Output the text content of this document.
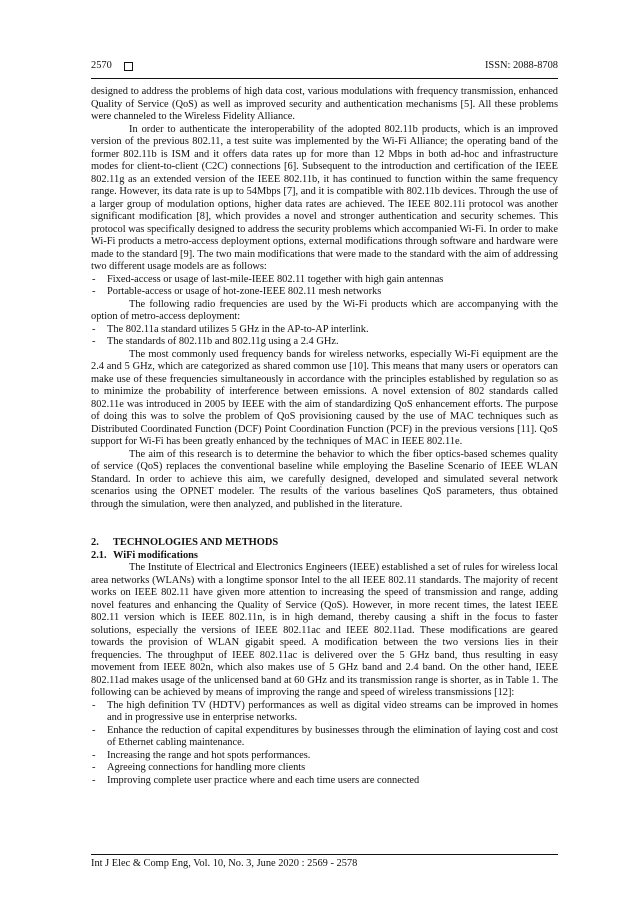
2570	ISSN: 2088-8708

designed to address the problems of high data cost, various modulations with frequency transmission, enhanced Quality of Service (QoS) as well as improved security and authentication mechanisms [5]. All these problems were channeled to the Wireless Fidelity Alliance.

In order to authenticate the interoperability of the adopted 802.11b products, which is an improved version of the previous 802.11, a test suite was implemented by the Wi-Fi Alliance; the operating band of the former 802.11b is ISM and it offers data rates up for more than 12 Mbps in both ad-hoc and infrastructure modes for client-to-client (C2C) connections [6]. Subsequent to the introduction and certification of the IEEE 802.11g as an extended version of the IEEE 802.11b, it has continued to function within the same frequency range. However, its data rate is up to 54Mbps [7], and it is compatible with 802.11b devices. Through the use of a larger group of modulation options, higher data rates are achieved. The IEEE 802.11i protocol was another significant modification [8], which provides a novel and stronger authentication and security schemes. This protocol was specifically designed to address the security problems which accompanied Wi-Fi. In order to make Wi-Fi products a metro-access deployment options, external modifications through software and hardware were made to the standard [9]. The two main modifications that were made to the standard with the aim of addressing two different usage models are as follows:

- Fixed-access or usage of last-mile-IEEE 802.11 together with high gain antennas
- Portable-access or usage of hot-zone-IEEE 802.11 mesh networks

The following radio frequencies are used by the Wi-Fi products which are accompanying with the option of metro-access deployment:

- The 802.11a standard utilizes 5 GHz in the AP-to-AP interlink.
- The standards of 802.11b and 802.11g using a 2.4 GHz.

The most commonly used frequency bands for wireless networks, especially Wi-Fi equipment are the 2.4 and 5 GHz, which are categorized as shared common use [10]. This means that many users or operators can make use of these frequencies simultaneously in accordance with the principles established by regulation so as to minimize the probability of interference between emissions. A novel extension of 802 standards called 802.11e was introduced in 2005 by IEEE with the aim of standardizing QoS enhancement efforts. The purpose of doing this was to solve the problem of QoS provisioning caused by the use of MAC techniques such as Distributed Coordinated Function (DCF) Point Coordination Function (PCF) in the previous versions [11]. QoS support for Wi-Fi has been greatly enhanced by the techniques of MAC in IEEE 802.11e.

The aim of this research is to determine the behavior to which the fiber optics-based schemes quality of service (QoS) replaces the conventional baseline while employing the Baseline Scenario of IEEE WLAN Standard. In order to achieve this aim, we carefully designed, developed and simulated several network scenarios using the OPNET modeler. The results of the various baselines QoS parameters, thus obtained through the simulation, were then analyzed, and published in the literature.

2. TECHNOLOGIES AND METHODS
2.1. WiFi modifications

The Institute of Electrical and Electronics Engineers (IEEE) established a set of rules for wireless local area networks (WLANs) with a longtime sponsor Intel to the all IEEE 802.11 standards. The majority of recent works on IEEE 802.11 have given more attention to increasing the speed of transmission and range, adding novel features and enhancing the Quality of Service (QoS). However, in more recent times, the latest IEEE 802.11 version which is IEEE 802.11n, is in high demand, thereby causing a shift in the focus to faster solutions, especially the versions of IEEE 802.11ac and IEEE 802.11ad. These modifications are geared towards the provision of WLAN gigabit speed. A modification between the two versions lies in their frequencies. The throughput of IEEE 802.11ac is delivered over the 5 GHz band, thus resulting in easy movement from IEEE 802n, which also makes use of 5 GHz band and 2.4 band. On the other hand, IEEE 802.11ad makes usage of the unlicensed band at 60 GHz and its transmission range is shorter, as in Table 1. The following can be achieved by means of improving the range and speed of wireless transmissions [12]:

- The high definition TV (HDTV) performances as well as digital video streams can be improved in homes and in progressive use in enterprise networks.
- Enhance the reduction of capital expenditures by businesses through the elimination of laying cost and cost of Ethernet cabling maintenance.
- Increasing the range and hot spots performances.
- Agreeing connections for handling more clients
- Improving complete user practice where and each time users are connected
Int J Elec & Comp Eng, Vol. 10, No. 3, June 2020 : 2569 - 2578
